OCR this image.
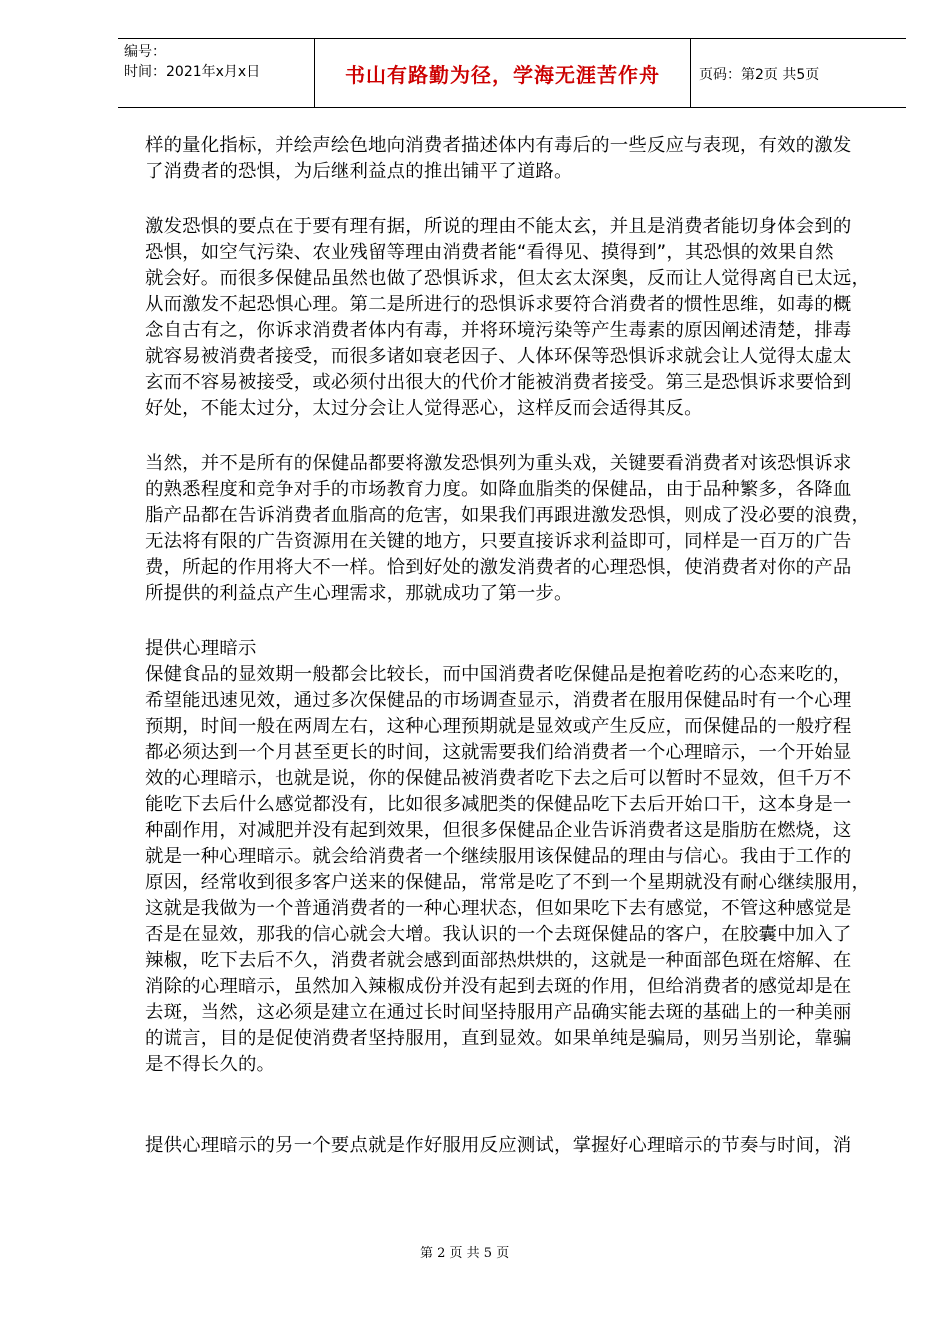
编号：
时间：2021年x月x日	书山有路勤为径，学海无涯苦作舟	页码：第2页 共5页
样的量化指标，并绘声绘色地向消费者描述体内有毒后的一些反应与表现，有效的激发
了消费者的恐惧，为后继利益点的推出铺平了道路。
激发恐惧的要点在于要有理有据，所说的理由不能太玄，并且是消费者能切身体会到的
恐惧，如空气污染、农业残留等理由消费者能“看得见、摸得到”，其恐惧的效果自然
就会好。而很多保健品虽然也做了恐惧诉求，但太玄太深奥，反而让人觉得离自已太远，
从而激发不起恐惧心理。第二是所进行的恐惧诉求要符合消费者的惯性思维，如毒的概
念自古有之，你诉求消费者体内有毒，并将环境污染等产生毒素的原因阐述清楚，排毒
就容易被消费者接受，而很多诸如衰老因子、人体环保等恐惧诉求就会让人觉得太虚太
玄而不容易被接受，或必须付出很大的代价才能被消费者接受。第三是恐惧诉求要恰到
好处，不能太过分，太过分会让人觉得恶心，这样反而会适得其反。
当然，并不是所有的保健品都要将激发恐惧列为重头戏，关键要看消费者对该恐惧诉求
的熟悉程度和竞争对手的市场教育力度。如降血脂类的保健品，由于品种繁多，各降血
脂产品都在告诉消费者血脂高的危害，如果我们再跟进激发恐惧，则成了没必要的浪费，
无法将有限的广告资源用在关键的地方，只要直接诉求利益即可，同样是一百万的广告
费，所起的作用将大不一样。恰到好处的激发消费者的心理恐惧，使消费者对你的产品
所提供的利益点产生心理需求，那就成功了第一步。
提供心理暗示
保健食品的显效期一般都会比较长，而中国消费者吃保健品是抱着吃药的心态来吃的，
希望能迅速见效，通过多次保健品的市场调查显示，消费者在服用保健品时有一个心理
预期，时间一般在两周左右，这种心理预期就是显效或产生反应，而保健品的一般疗程
都必须达到一个月甚至更长的时间，这就需要我们给消费者一个心理暗示，一个开始显
效的心理暗示，也就是说，你的保健品被消费者吃下去之后可以暂时不显效，但千万不
能吃下去后什么感觉都没有，比如很多减肥类的保健品吃下去后开始口干，这本身是一
种副作用，对减肥并没有起到效果，但很多保健品企业告诉消费者这是脂肪在燃烧，这
就是一种心理暗示。就会给消费者一个继续服用该保健品的理由与信心。我由于工作的
原因，经常收到很多客户送来的保健品，常常是吃了不到一个星期就没有耐心继续服用，
这就是我做为一个普通消费者的一种心理状态，但如果吃下去有感觉，不管这种感觉是
否是在显效，那我的信心就会大增。我认识的一个去斑保健品的客户，在胶囊中加入了
辣椒，吃下去后不久，消费者就会感到面部热烘烘的，这就是一种面部色斑在熔解、在
消除的心理暗示，虽然加入辣椒成份并没有起到去斑的作用，但给消费者的感觉却是在
去斑，当然，这必须是建立在通过长时间坚持服用产品确实能去斑的基础上的一种美丽
的谎言，目的是促使消费者坚持服用，直到显效。如果单纯是骗局，则另当别论，靠骗
是不得长久的。
提供心理暗示的另一个要点就是作好服用反应测试，掌握好心理暗示的节奏与时间，消
第 2 页 共 5 页
